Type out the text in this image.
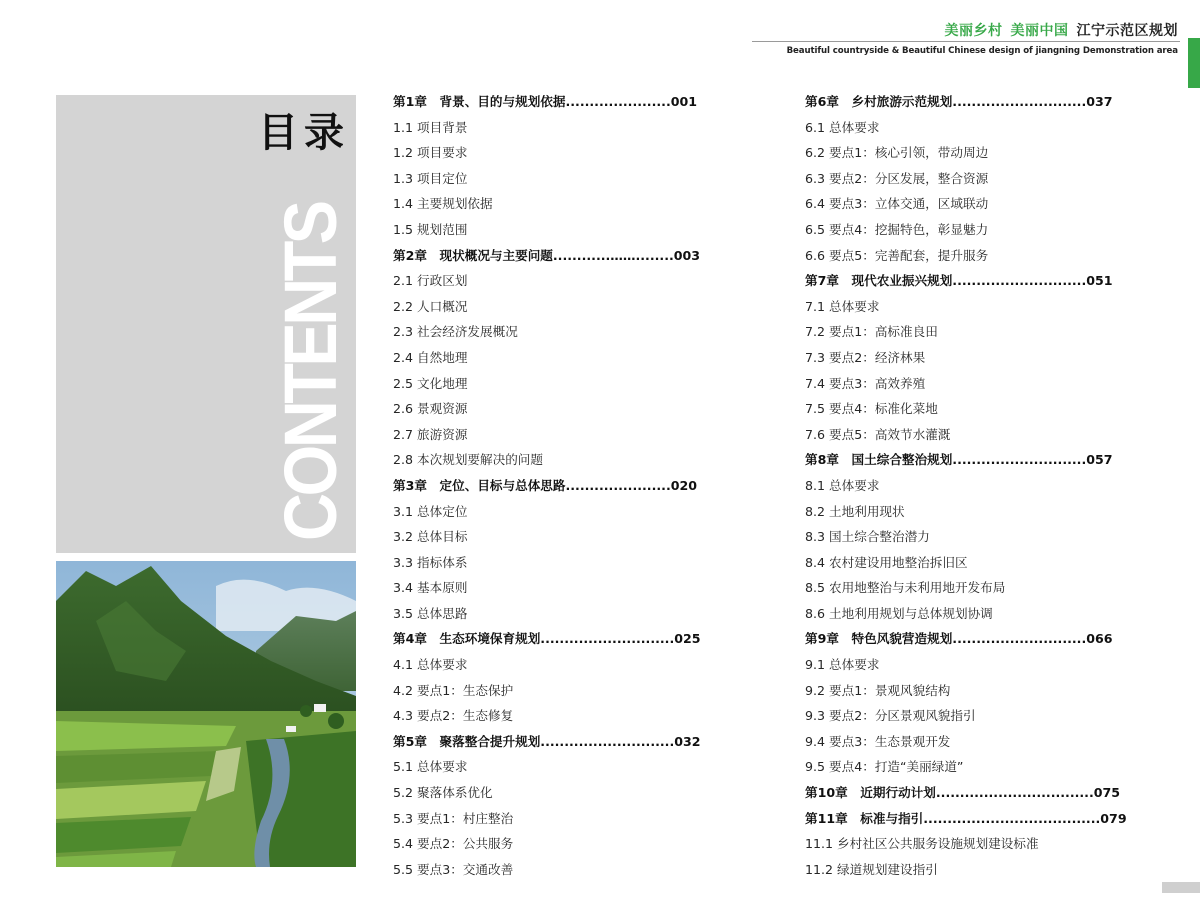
美丽乡村 美丽中国 江宁示范区规划
Beautiful countryside & Beautiful Chinese design of jiangning Demonstration area
目录
CONTENTS
第1章　背景、目的与规划依据......................001
1.1 项目背景
1.2 项目要求
1.3 项目定位
1.4 主要规划依据
1.5 规划范围
第2章　现状概况与主要问题............……........003
2.1 行政区划
2.2 人口概况
2.3 社会经济发展概况
2.4 自然地理
2.5 文化地理
2.6 景观资源
2.7 旅游资源
2.8 本次规划要解决的问题
第3章　定位、目标与总体思路......................020
3.1 总体定位
3.2 总体目标
3.3 指标体系
3.4 基本原则
3.5 总体思路
第4章　生态环境保育规划............................025
4.1 总体要求
4.2 要点1：生态保护
4.3 要点2：生态修复
第5章　聚落整合提升规划............................032
5.1 总体要求
5.2 聚落体系优化
5.3 要点1：村庄整治
5.4 要点2：公共服务
5.5 要点3：交通改善
第6章　乡村旅游示范规划............................037
6.1 总体要求
6.2 要点1：核心引领，带动周边
6.3 要点2：分区发展，整合资源
6.4 要点3：立体交通，区域联动
6.5 要点4：挖掘特色，彰显魅力
6.6 要点5：完善配套，提升服务
第7章　现代农业振兴规划............................051
7.1 总体要求
7.2 要点1：高标准良田
7.3 要点2：经济林果
7.4 要点3：高效养殖
7.5 要点4：标准化菜地
7.6 要点5：高效节水灌溉
第8章　国土综合整治规划............................057
8.1 总体要求
8.2 土地利用现状
8.3 国土综合整治潜力
8.4 农村建设用地整治拆旧区
8.5 农用地整治与未利用地开发布局
8.6 土地利用规划与总体规划协调
第9章　特色风貌营造规划............................066
9.1 总体要求
9.2 要点1：景观风貌结构
9.3 要点2：分区景观风貌指引
9.4 要点3：生态景观开发
9.5 要点4：打造“美丽绿道”
第10章　近期行动计划.................................075
第11章　标准与指引.....................................079
11.1 乡村社区公共服务设施规划建设标准
11.2 绿道规划建设指引
